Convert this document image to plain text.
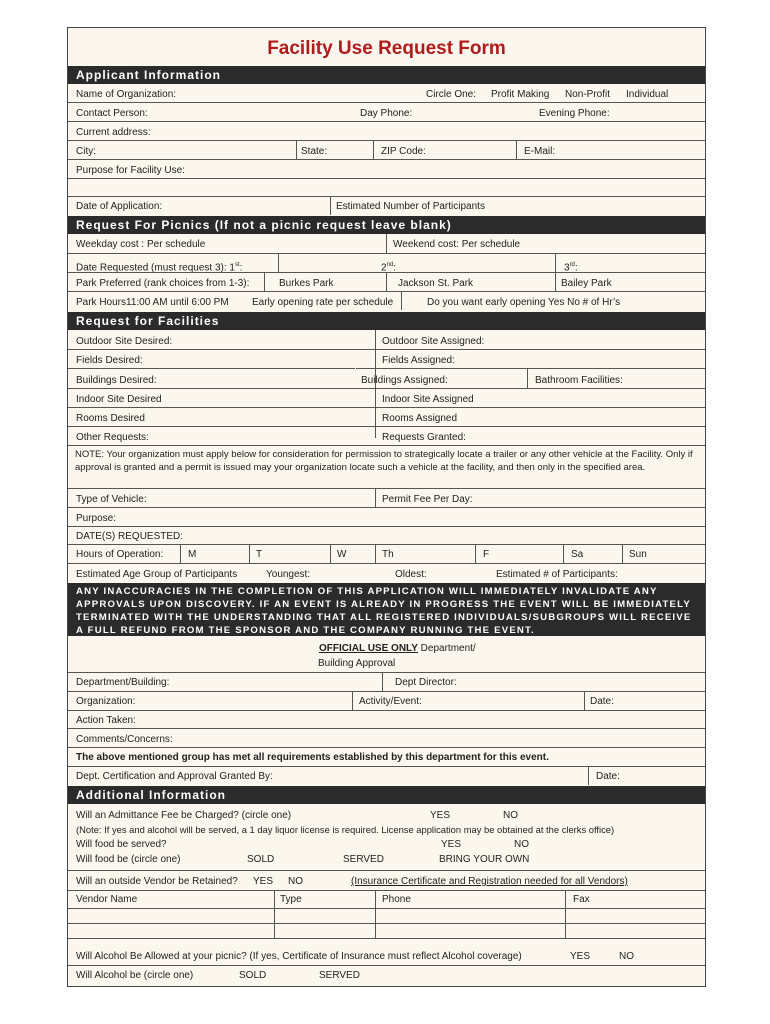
Facility Use Request Form
Applicant Information
Name of Organization:	Circle One: Profit Making Non-Profit Individual
Contact Person:	Day Phone:	Evening Phone:
Current address:
City:	State:	ZIP Code:	E-Mail:
Purpose for Facility Use:
Date of Application:	Estimated Number of Participants
Request For Picnics (If not a picnic request leave blank)
Weekday cost : Per schedule	Weekend cost: Per schedule
Date Requested (must request 3): 1st:	2nd:	3rd:
Park Preferred (rank choices from 1-3):	Burkes Park	Jackson St. Park	Bailey Park
Park Hours11:00 AM until 6:00 PM Early opening rate per schedule	Do you want early opening Yes No # of Hr’s
Request for Facilities
Outdoor Site Desired:	Outdoor Site Assigned:
Fields Desired:	Fields Assigned:
Buildings Desired:	Buildings Assigned:	Bathroom Facilities:
Indoor Site Desired	Indoor Site Assigned
Rooms Desired	Rooms Assigned
Other Requests:	Requests Granted:
NOTE: Your organization must apply below for consideration for permission to strategically locate a trailer or any other vehicle at the Facility. Only if approval is granted and a permit is issued may your organization locate such a vehicle at the facility, and then only in the specified area.
Type of Vehicle:	Permit Fee Per Day:
Purpose:
DATE(S) REQUESTED:
Hours of Operation: M	T	W	Th	F	Sa	Sun
Estimated Age Group of Participants	Youngest:	Oldest:	Estimated # of Participants:
ANY INACCURACIES IN THE COMPLETION OF THIS APPLICATION WILL IMMEDIATELY INVALIDATE ANY APPROVALS UPON DISCOVERY. IF AN EVENT IS ALREADY IN PROGRESS THE EVENT WILL BE IMMEDIATELY TERMINATED WITH THE UNDERSTANDING THAT ALL REGISTERED INDIVIDUALS/SUBGROUPS WILL RECEIVE A FULL REFUND FROM THE SPONSOR AND THE COMPANY RUNNING THE EVENT.
OFFICIAL USE ONLY Department/
Building Approval
Department/Building:	Dept Director:
Organization:	Activity/Event:	Date:
Action Taken:
Comments/Concerns:
The above mentioned group has met all requirements established by this department for this event.
Dept. Certification and Approval Granted By:	Date:
Additional Information
Will an Admittance Fee be Charged? (circle one)	YES	NO
(Note: If yes and alcohol will be served, a 1 day liquor license is required. License application may be obtained at the clerks office)
Will food be served?	YES	NO
Will food be (circle one)	SOLD	SERVED	BRING YOUR OWN
Will an outside Vendor be Retained? YES NO	(Insurance Certificate and Registration needed for all Vendors)
Vendor Name	Type	Phone	Fax
Will Alcohol Be Allowed at your picnic? (If yes, Certificate of Insurance must reflect Alcohol coverage)	YES	NO
Will Alcohol be (circle one)	SOLD	SERVED
